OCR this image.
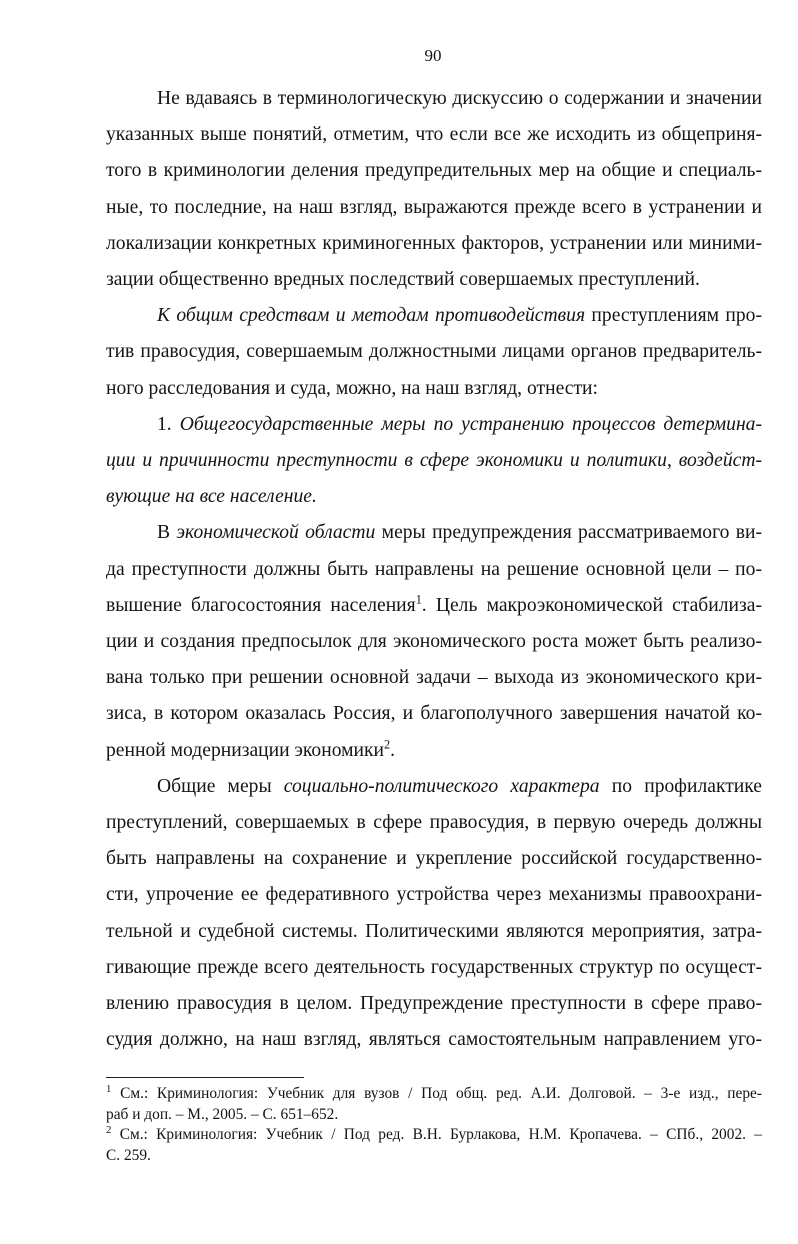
90
Не вдаваясь в терминологическую дискуссию о содержании и значении
указанных выше понятий, отметим, что если все же исходить из общеприня-
того в криминологии деления предупредительных мер на общие и специаль-
ные, то последние, на наш взгляд, выражаются прежде всего в устранении и
локализации конкретных криминогенных факторов, устранении или миними-
зации общественно вредных последствий совершаемых преступлений.
К общим средствам и методам противодействия преступлениям про-
тив правосудия, совершаемым должностными лицами органов предваритель-
ного расследования и суда, можно, на наш взгляд, отнести:
1. Общегосударственные меры по устранению процессов детермина-
ции и причинности преступности в сфере экономики и политики, воздейст-
вующие на все население.
В экономической области меры предупреждения рассматриваемого ви-
да преступности должны быть направлены на решение основной цели – по-
вышение благосостояния населения$^1$. Цель макроэкономической стабилиза-
ции и создания предпосылок для экономического роста может быть реализо-
вана только при решении основной задачи – выхода из экономического кри-
зиса, в котором оказалась Россия, и благополучного завершения начатой ко-
ренной модернизации экономики$^2$.
Общие меры социально-политического характера по профилактике
преступлений, совершаемых в сфере правосудия, в первую очередь должны
быть направлены на сохранение и укрепление российской государственно-
сти, упрочение ее федеративного устройства через механизмы правоохрани-
тельной и судебной системы. Политическими являются мероприятия, затра-
гивающие прежде всего деятельность государственных структур по осущест-
влению правосудия в целом. Предупреждение преступности в сфере право-
судия должно, на наш взгляд, являться самостоятельным направлением уго-
$^1$ См.: Криминология: Учебник для вузов / Под общ. ред. А.И. Долговой. – 3-е изд., пере-
раб и доп. – М., 2005. – С. 651–652.
$^2$ См.: Криминология: Учебник / Под ред. В.Н. Бурлакова, Н.М. Кропачева. – СПб., 2002. –
С. 259.
